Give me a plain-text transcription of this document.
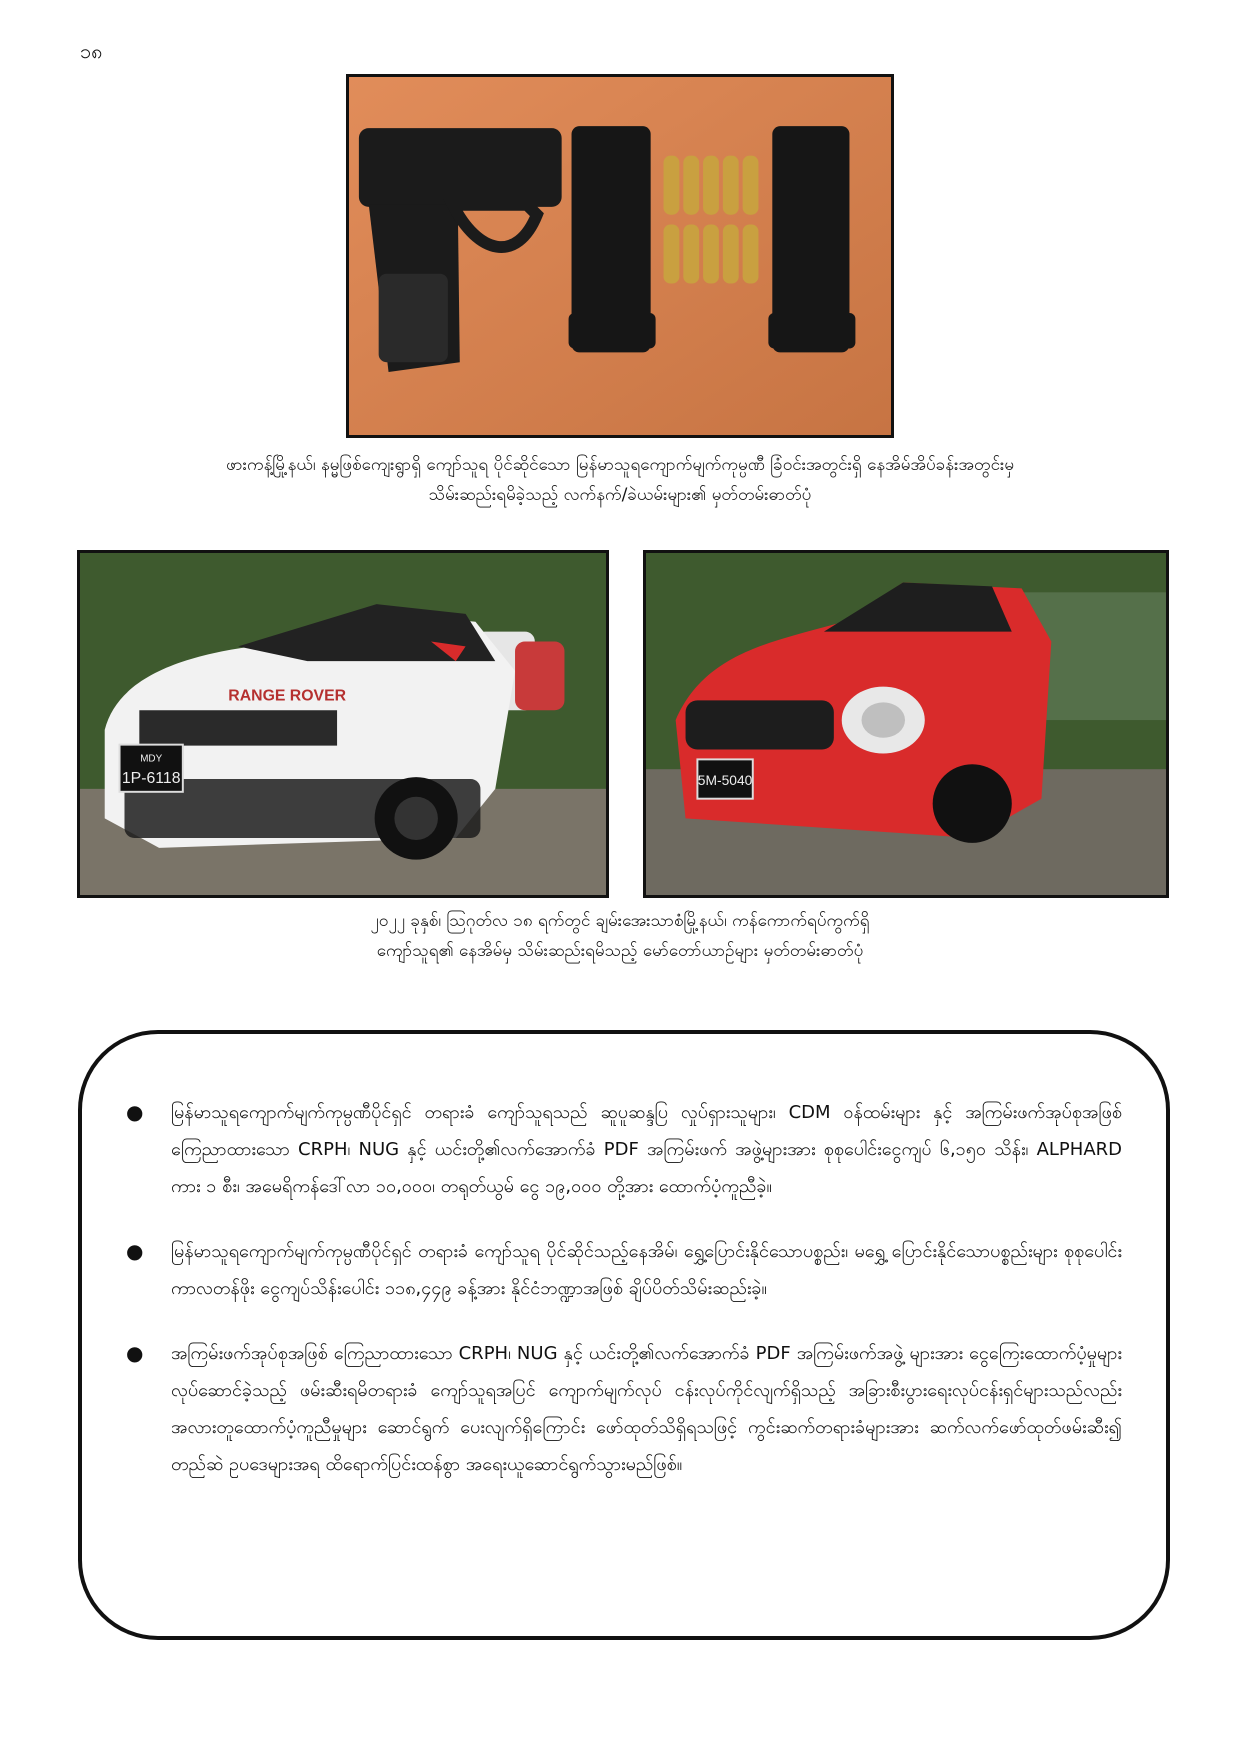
၁၈
ဖားကန့်မြို့နယ်၊ နမ္မဖြစ်ကျေးရွာရှိ ကျော်သူရ ပိုင်ဆိုင်သော မြန်မာသူရကျောက်မျက်ကုမ္ပဏီ ခြံဝင်းအတွင်းရှိ နေအိမ်အိပ်ခန်းအတွင်းမှ
သိမ်းဆည်းရမိခဲ့သည့် လက်နက်/ခဲယမ်းများ၏ မှတ်တမ်းဓာတ်ပုံ
RANGE ROVER
MDY
1P-6118	5M-5040
၂၀၂၂ ခုနှစ်၊ ဩဂုတ်လ ၁၈ ရက်တွင် ချမ်းအေးသာစံမြို့နယ်၊ ကန်ကောက်ရပ်ကွက်ရှိ
ကျော်သူရ၏ နေအိမ်မှ သိမ်းဆည်းရမိသည့် မော်တော်ယာဉ်များ မှတ်တမ်းဓာတ်ပုံ
● မြန်မာသူရကျောက်မျက်ကုမ္ပဏီပိုင်ရှင် တရားခံ ကျော်သူရသည် ဆူပူဆန္ဒပြ လှုပ်ရှားသူများ၊ CDM ဝန်ထမ်းများ နှင့် အကြမ်းဖက်အုပ်စုအဖြစ် ကြေညာထားသော CRPH၊ NUG နှင့် ယင်းတို့၏လက်အောက်ခံ PDF အကြမ်းဖက် အဖွဲ့များအား စုစုပေါင်းငွေကျပ် ၆,၁၅၀ သိန်း၊ ALPHARD ကား ၁ စီး၊ အမေရိကန်ဒေါ်လာ ၁၀,၀၀၀၊ တရုတ်ယွမ် ငွေ ၁၉,၀၀၀ တို့အား ထောက်ပံ့ကူညီခဲ့။
● မြန်မာသူရကျောက်မျက်ကုမ္ပဏီပိုင်ရှင် တရားခံ ကျော်သူရ ပိုင်ဆိုင်သည့်နေအိမ်၊ ရွှေ့ပြောင်းနိုင်သောပစ္စည်း၊ မရွှေ့ ပြောင်းနိုင်သောပစ္စည်းများ စုစုပေါင်းကာလတန်ဖိုး ငွေကျပ်သိန်းပေါင်း ၁၁၈,၄၄၉ ခန့်အား နိုင်ငံဘဏ္ဍာအဖြစ် ချိပ်ပိတ်သိမ်းဆည်းခဲ့။
● အကြမ်းဖက်အုပ်စုအဖြစ် ကြေညာထားသော CRPH၊ NUG နှင့် ယင်းတို့၏လက်အောက်ခံ PDF အကြမ်းဖက်အဖွဲ့ များအား ငွေကြေးထောက်ပံ့မှုများ လုပ်ဆောင်ခဲ့သည့် ဖမ်းဆီးရမိတရားခံ ကျော်သူရအပြင် ကျောက်မျက်လုပ် ငန်းလုပ်ကိုင်လျက်ရှိသည့် အခြားစီးပွားရေးလုပ်ငန်းရှင်များသည်လည်း အလားတူထောက်ပံ့ကူညီမှုများ ဆောင်ရွက် ပေးလျက်ရှိကြောင်း ဖော်ထုတ်သိရှိရသဖြင့် ကွင်းဆက်တရားခံများအား ဆက်လက်ဖော်ထုတ်ဖမ်းဆီး၍ တည်ဆဲ ဥပဒေများအရ ထိရောက်ပြင်းထန်စွာ အရေးယူဆောင်ရွက်သွားမည်ဖြစ်။
